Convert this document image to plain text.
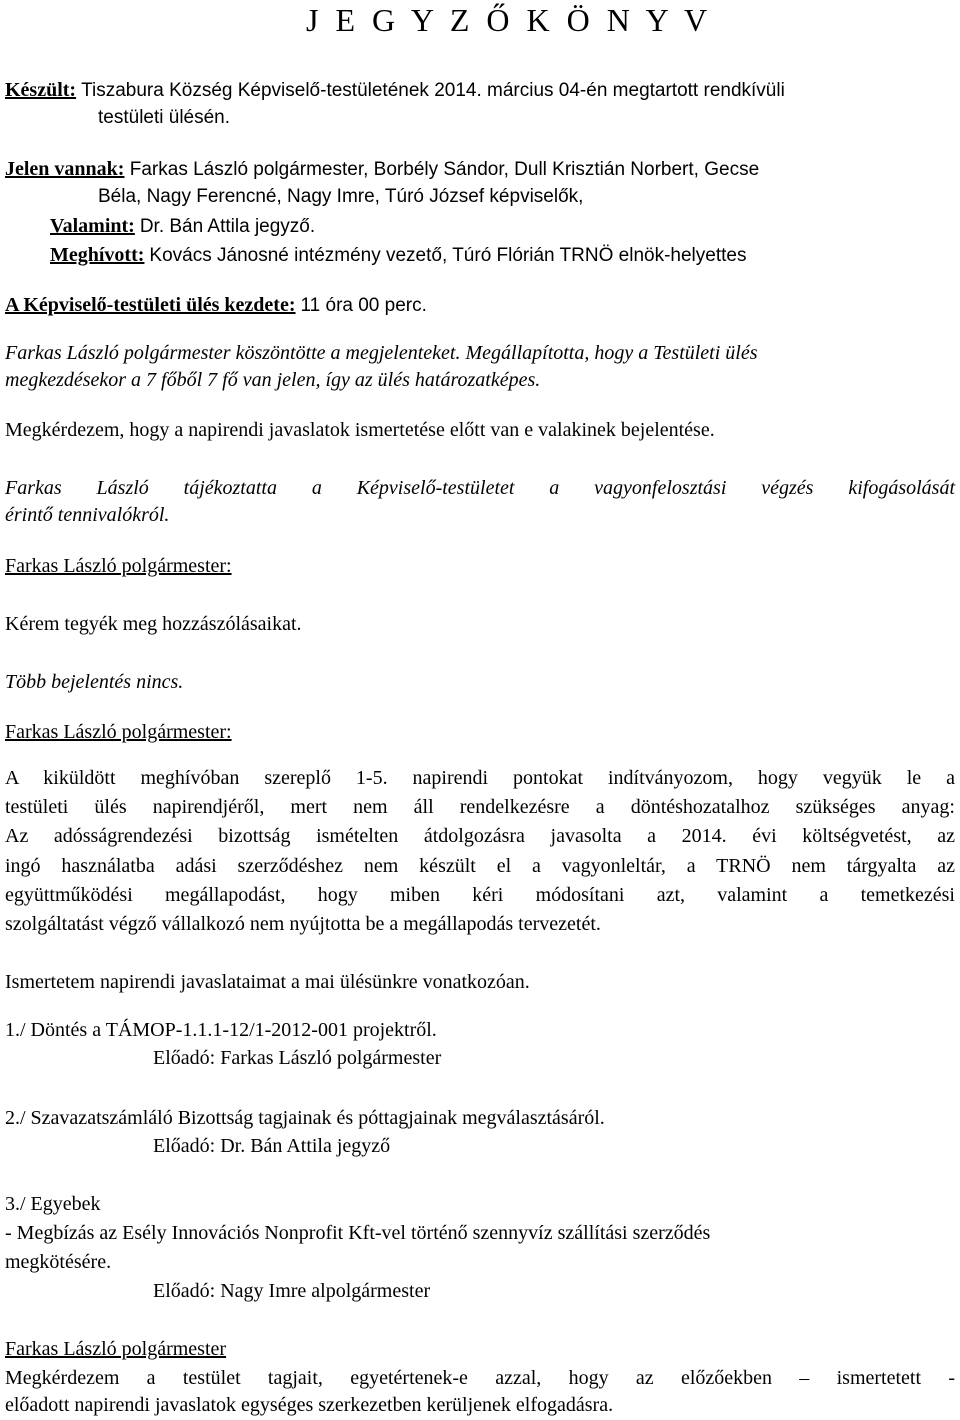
J E G Y Z Ő K Ö N Y V
Készült: Tiszabura Község Képviselő-testületének 2014. március 04-én megtartott rendkívüli
testületi ülésén.
Jelen vannak: Farkas László polgármester, Borbély Sándor, Dull Krisztián Norbert, Gecse
Béla, Nagy Ferencné, Nagy Imre, Túró József képviselők,
Valamint: Dr. Bán Attila jegyző.
Meghívott: Kovács Jánosné intézmény vezető, Túró Flórián TRNÖ elnök-helyettes
A Képviselő-testületi ülés kezdete: 11 óra 00 perc.
Farkas László polgármester köszöntötte a megjelenteket. Megállapította, hogy a Testületi ülés
megkezdésekor a 7 főből 7 fő van jelen, így az ülés határozatképes.
Megkérdezem, hogy a napirendi javaslatok ismertetése előtt van e valakinek bejelentése.
Farkas László tájékoztatta a Képviselő-testületet a vagyonfelosztási végzés kifogásolását
érintő tennivalókról.
Farkas László polgármester:
Kérem tegyék meg hozzászólásaikat.
Több bejelentés nincs.
Farkas László polgármester:
A kiküldött meghívóban szereplő 1-5. napirendi pontokat indítványozom, hogy vegyük le a
testületi ülés napirendjéről, mert nem áll rendelkezésre a döntéshozatalhoz szükséges anyag:
Az adósságrendezési bizottság ismételten átdolgozásra javasolta a 2014. évi költségvetést, az
ingó használatba adási szerződéshez nem készült el a vagyonleltár, a TRNÖ nem tárgyalta az
együttműködési megállapodást, hogy miben kéri módosítani azt, valamint a temetkezési
szolgáltatást végző vállalkozó nem nyújtotta be a megállapodás tervezetét.
Ismertetem napirendi javaslataimat a mai ülésünkre vonatkozóan.
1./ Döntés a TÁMOP-1.1.1-12/1-2012-001 projektről.
Előadó: Farkas László polgármester
2./ Szavazatszámláló Bizottság tagjainak és póttagjainak megválasztásáról.
Előadó: Dr. Bán Attila jegyző
3./ Egyebek
- Megbízás az Esély Innovációs Nonprofit Kft-vel történő szennyvíz szállítási szerződés
megkötésére.
Előadó: Nagy Imre alpolgármester
Farkas László polgármester
Megkérdezem a testület tagjait, egyetértenek-e azzal, hogy az előzőekben – ismertetett -
előadott napirendi javaslatok egységes szerkezetben kerüljenek elfogadásra.
